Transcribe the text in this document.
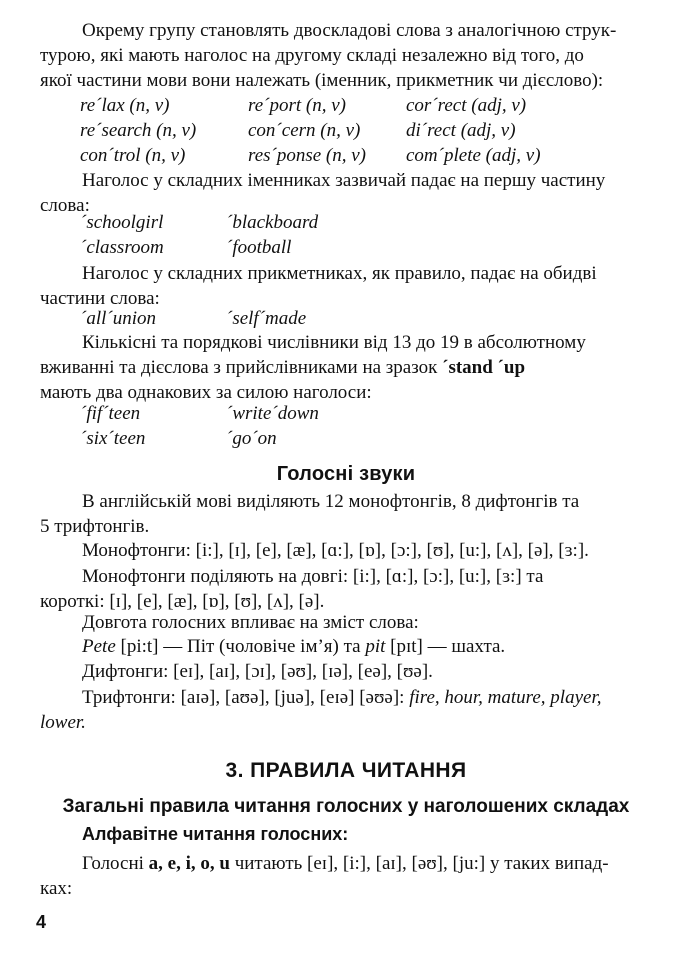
Окрему групу становлять двоскладові слова з аналогічною струк-
турою, які мають наголос на другому складі незалежно від того, до
якої частини мови вони належать (іменник, прикметник чи дієслово):
re´lax (n, v)	re´port (n, v)	cor´rect (adj, v)
re´search (n, v)	con´cern (n, v) di´rect (adj, v)
con´trol (n, v)	res´ponse (n, v) com´plete (adj, v)
Наголос у складних іменниках зазвичай падає на першу частину
слова:
´schoolgirl	´blackboard
´classroom	´football
Наголос у складних прикметниках, як правило, падає на обидві
частини слова:
´all´union	´self´made
Кількісні та порядкові числівники від 13 до 19 в абсолютному
вживанні та дієслова з прийслівниками на зразок ´stand ´up
мають два однакових за силою наголоси:
´fif´teen	´write´down
´six´teen	´go´on
Голосні звуки
В англійській мові виділяють 12 монофтонгів, 8 дифтонгів та
5 трифтонгів.
Монофтонги: [i:], [ɪ], [e], [æ], [ɑ:], [ɒ], [ɔ:], [ʊ], [u:], [ʌ], [ə], [ɜ:].
Монофтонги поділяють на довгі: [i:], [ɑ:], [ɔ:], [u:], [ɜ:] та
короткі: [ɪ], [e], [æ], [ɒ], [ʊ], [ʌ], [ə].
Довгота голосних впливає на зміст слова:
Pete [pi:t] — Піт (чоловіче ім’я) та pit [pɪt] — шахта.
Дифтонги: [eɪ], [aɪ], [ɔɪ], [əʊ], [ɪə], [eə], [ʊə].
Трифтонги: [aɪə], [aʊə], [juə], [eɪə] [əʊə]: fire, hour, mature, player,
lower.
3. ПРАВИЛА ЧИТАННЯ
Загальні правила читання голосних у наголошених складах
Алфавітне читання голосних:
Голосні a, e, i, o, u читають [eɪ], [i:], [aɪ], [əʊ], [ju:] у таких випад-
ках:
4
